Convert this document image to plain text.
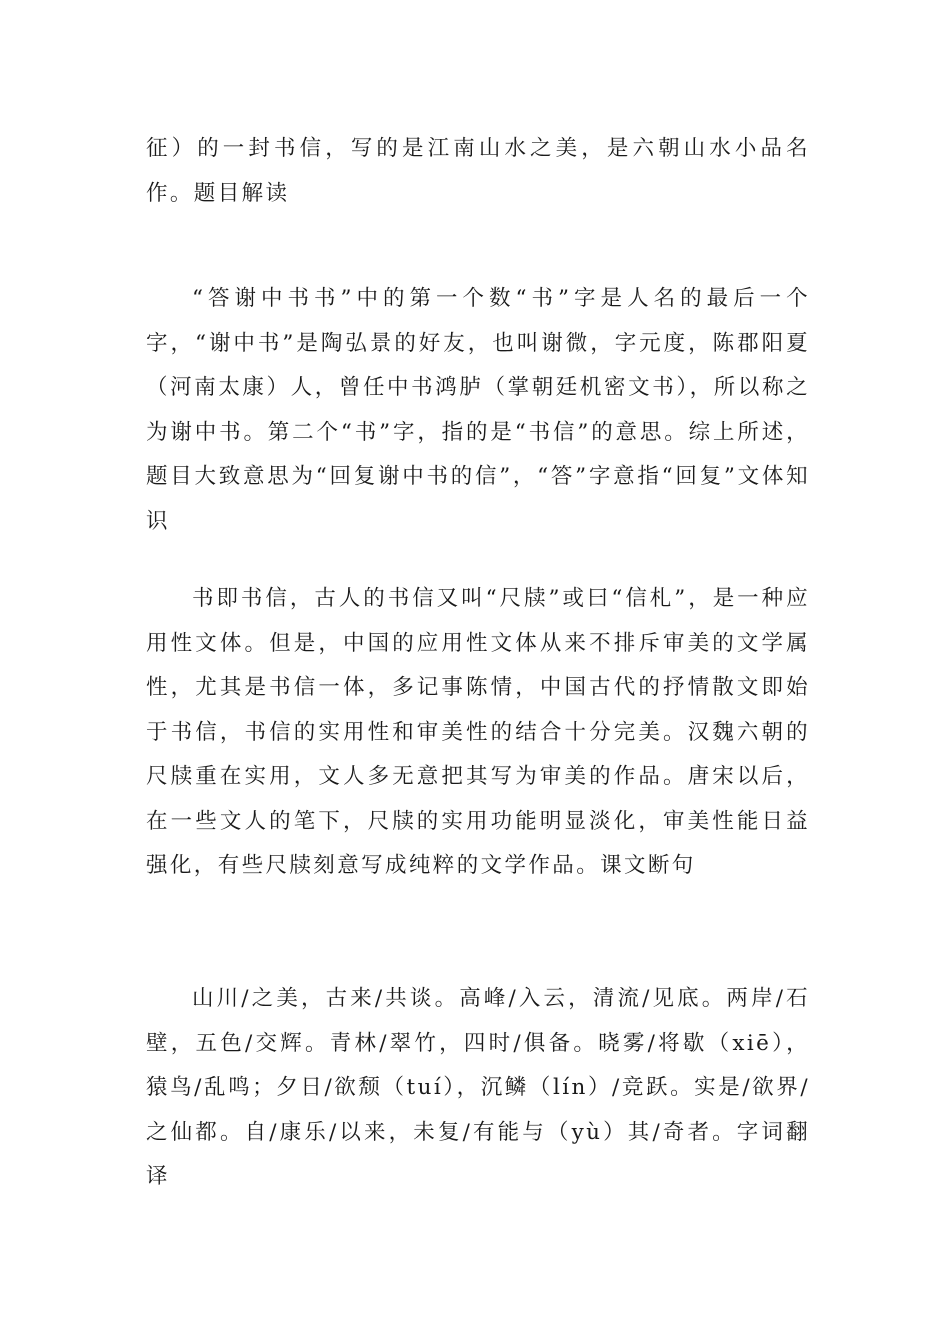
征）的一封书信，写的是江南山水之美，是六朝山水小品名作。题目解读

“答谢中书书”中的第一个数“书”字是人名的最后一个字，“谢中书”是陶弘景的好友，也叫谢微，字元度，陈郡阳夏（河南太康）人，曾任中书鸿胪（掌朝廷机密文书），所以称之为谢中书。第二个“书”字，指的是“书信”的意思。综上所述，题目大致意思为“回复谢中书的信”，“答”字意指“回复”文体知识

书即书信，古人的书信又叫“尺牍”或曰“信札”，是一种应用性文体。但是，中国的应用性文体从来不排斥审美的文学属性，尤其是书信一体，多记事陈情，中国古代的抒情散文即始于书信，书信的实用性和审美性的结合十分完美。汉魏六朝的尺牍重在实用，文人多无意把其写为审美的作品。唐宋以后，在一些文人的笔下，尺牍的实用功能明显淡化，审美性能日益强化，有些尺牍刻意写成纯粹的文学作品。课文断句

山川/之美，古来/共谈。高峰/入云，清流/见底。两岸/石壁，五色/交辉。青林/翠竹，四时/俱备。晓雾/将歇（xiē），猿鸟/乱鸣；夕日/欲颓（tuí），沉鳞（lín）/竞跃。实是/欲界/之仙都。自/康乐/以来，未复/有能与（yù）其/奇者。字词翻译
